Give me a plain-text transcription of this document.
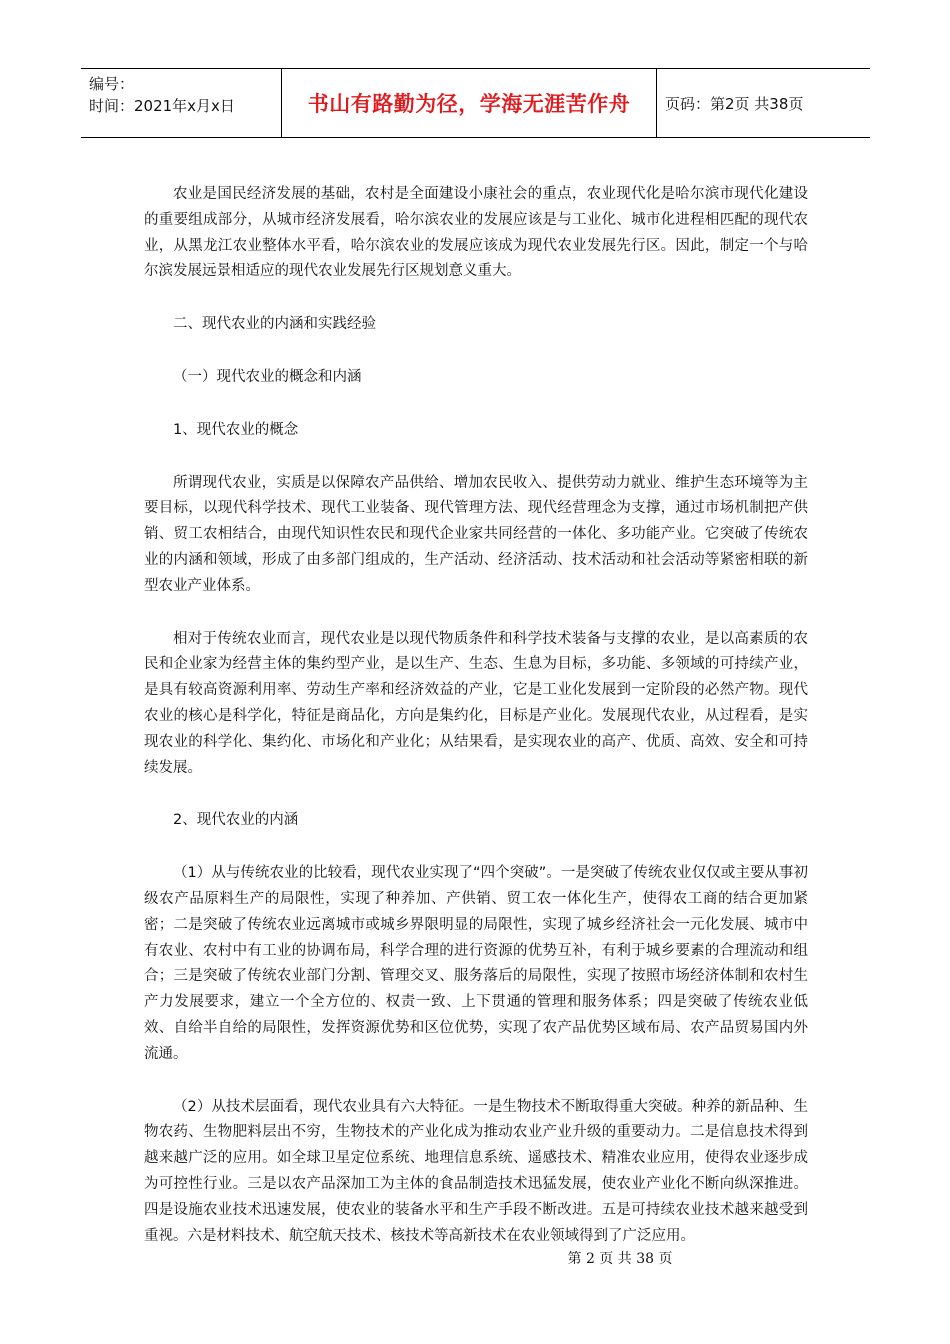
编号：
时间：2021年x月x日	书山有路勤为径，学海无涯苦作舟	页码：第2页 共38页

农业是国民经济发展的基础，农村是全面建设小康社会的重点，农业现代化是哈尔滨市现代化建设的重要组成部分，从城市经济发展看，哈尔滨农业的发展应该是与工业化、城市化进程相匹配的现代农业，从黑龙江农业整体水平看，哈尔滨农业的发展应该成为现代农业发展先行区。因此，制定一个与哈尔滨发展远景相适应的现代农业发展先行区规划意义重大。

二、现代农业的内涵和实践经验

（一）现代农业的概念和内涵

1、现代农业的概念

所谓现代农业，实质是以保障农产品供给、增加农民收入、提供劳动力就业、维护生态环境等为主要目标，以现代科学技术、现代工业装备、现代管理方法、现代经营理念为支撑，通过市场机制把产供销、贸工农相结合，由现代知识性农民和现代企业家共同经营的一体化、多功能产业。它突破了传统农业的内涵和领域，形成了由多部门组成的，生产活动、经济活动、技术活动和社会活动等紧密相联的新型农业产业体系。

相对于传统农业而言，现代农业是以现代物质条件和科学技术装备与支撑的农业，是以高素质的农民和企业家为经营主体的集约型产业，是以生产、生态、生息为目标，多功能、多领域的可持续产业，是具有较高资源利用率、劳动生产率和经济效益的产业，它是工业化发展到一定阶段的必然产物。现代农业的核心是科学化，特征是商品化，方向是集约化，目标是产业化。发展现代农业，从过程看，是实现农业的科学化、集约化、市场化和产业化；从结果看，是实现农业的高产、优质、高效、安全和可持续发展。

2、现代农业的内涵

（1）从与传统农业的比较看，现代农业实现了“四个突破”。一是突破了传统农业仅仅或主要从事初级农产品原料生产的局限性，实现了种养加、产供销、贸工农一体化生产，使得农工商的结合更加紧密；二是突破了传统农业远离城市或城乡界限明显的局限性，实现了城乡经济社会一元化发展、城市中有农业、农村中有工业的协调布局，科学合理的进行资源的优势互补，有利于城乡要素的合理流动和组合；三是突破了传统农业部门分割、管理交叉、服务落后的局限性，实现了按照市场经济体制和农村生产力发展要求，建立一个全方位的、权责一致、上下贯通的管理和服务体系；四是突破了传统农业低效、自给半自给的局限性，发挥资源优势和区位优势，实现了农产品优势区域布局、农产品贸易国内外流通。

（2）从技术层面看，现代农业具有六大特征。一是生物技术不断取得重大突破。种养的新品种、生物农药、生物肥料层出不穷，生物技术的产业化成为推动农业产业升级的重要动力。二是信息技术得到越来越广泛的应用。如全球卫星定位系统、地理信息系统、遥感技术、精准农业应用，使得农业逐步成为可控性行业。三是以农产品深加工为主体的食品制造技术迅猛发展，使农业产业化不断向纵深推进。四是设施农业技术迅速发展，使农业的装备水平和生产手段不断改进。五是可持续农业技术越来越受到重视。六是材料技术、航空航天技术、核技术等高新技术在农业领域得到了广泛应用。

第 2 页 共 38 页
